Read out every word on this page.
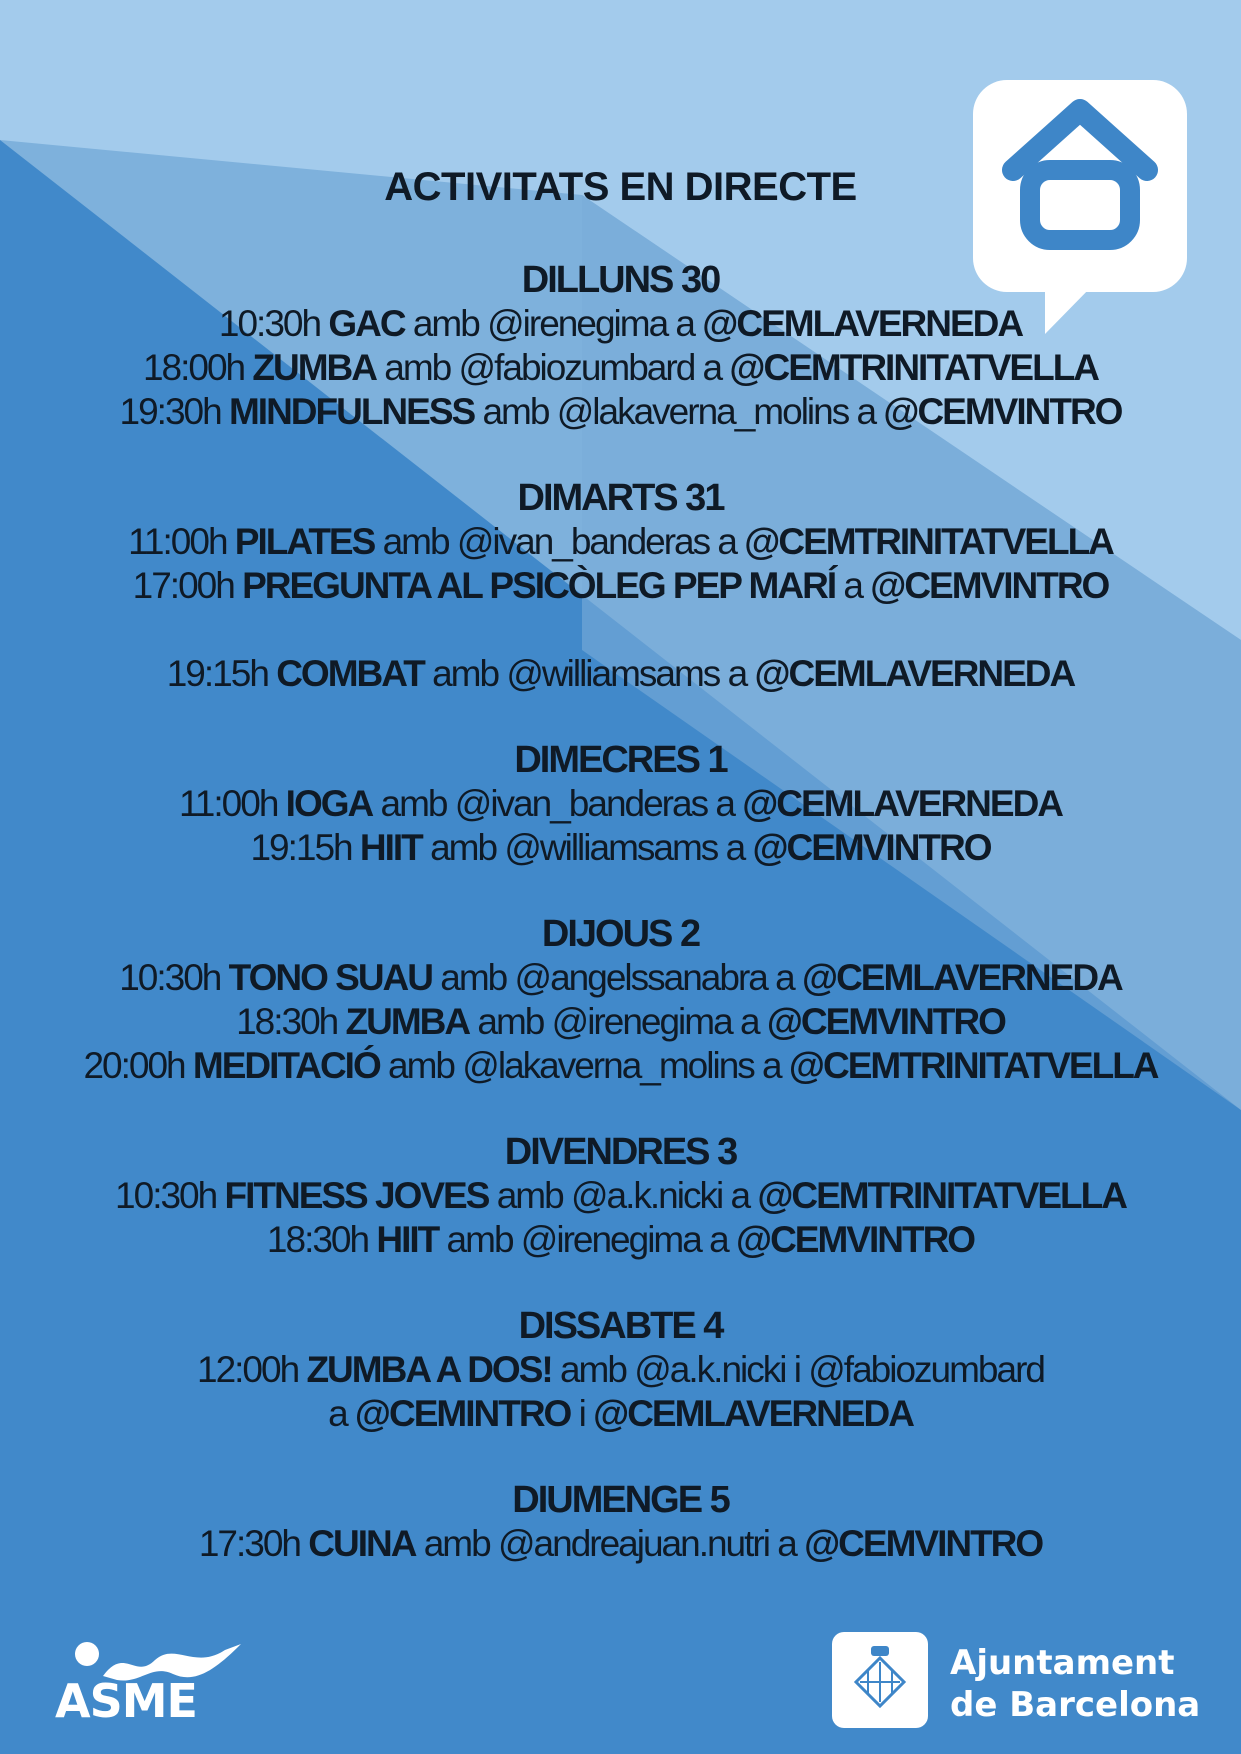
ACTIVITATS EN DIRECTE
DILLUNS 30
10:30h GAC amb @irenegima a @CEMLAVERNEDA
18:00h ZUMBA amb @fabiozumbard a @CEMTRINITATVELLA
19:30h MINDFULNESS amb @lakaverna_molins a @CEMVINTRO
DIMARTS 31
11:00h PILATES amb @ivan_banderas a @CEMTRINITATVELLA
17:00h PREGUNTA AL PSICÒLEG PEP MARÍ a @CEMVINTRO
19:15h COMBAT amb @williamsams a @CEMLAVERNEDA
DIMECRES 1
11:00h IOGA amb @ivan_banderas a @CEMLAVERNEDA
19:15h HIIT amb @williamsams a @CEMVINTRO
DIJOUS 2
10:30h TONO SUAU amb @angelssanabra a @CEMLAVERNEDA
18:30h ZUMBA amb @irenegima a @CEMVINTRO
20:00h MEDITACIÓ amb @lakaverna_molins a @CEMTRINITATVELLA
DIVENDRES 3
10:30h FITNESS JOVES amb @a.k.nicki a @CEMTRINITATVELLA
18:30h HIIT amb @irenegima a @CEMVINTRO
DISSABTE 4
12:00h ZUMBA A DOS! amb @a.k.nicki i @fabiozumbard
a @CEMINTRO i @CEMLAVERNEDA
DIUMENGE 5
17:30h CUINA amb @andreajuan.nutri a @CEMVINTRO
ASME
Ajuntament
de Barcelona
